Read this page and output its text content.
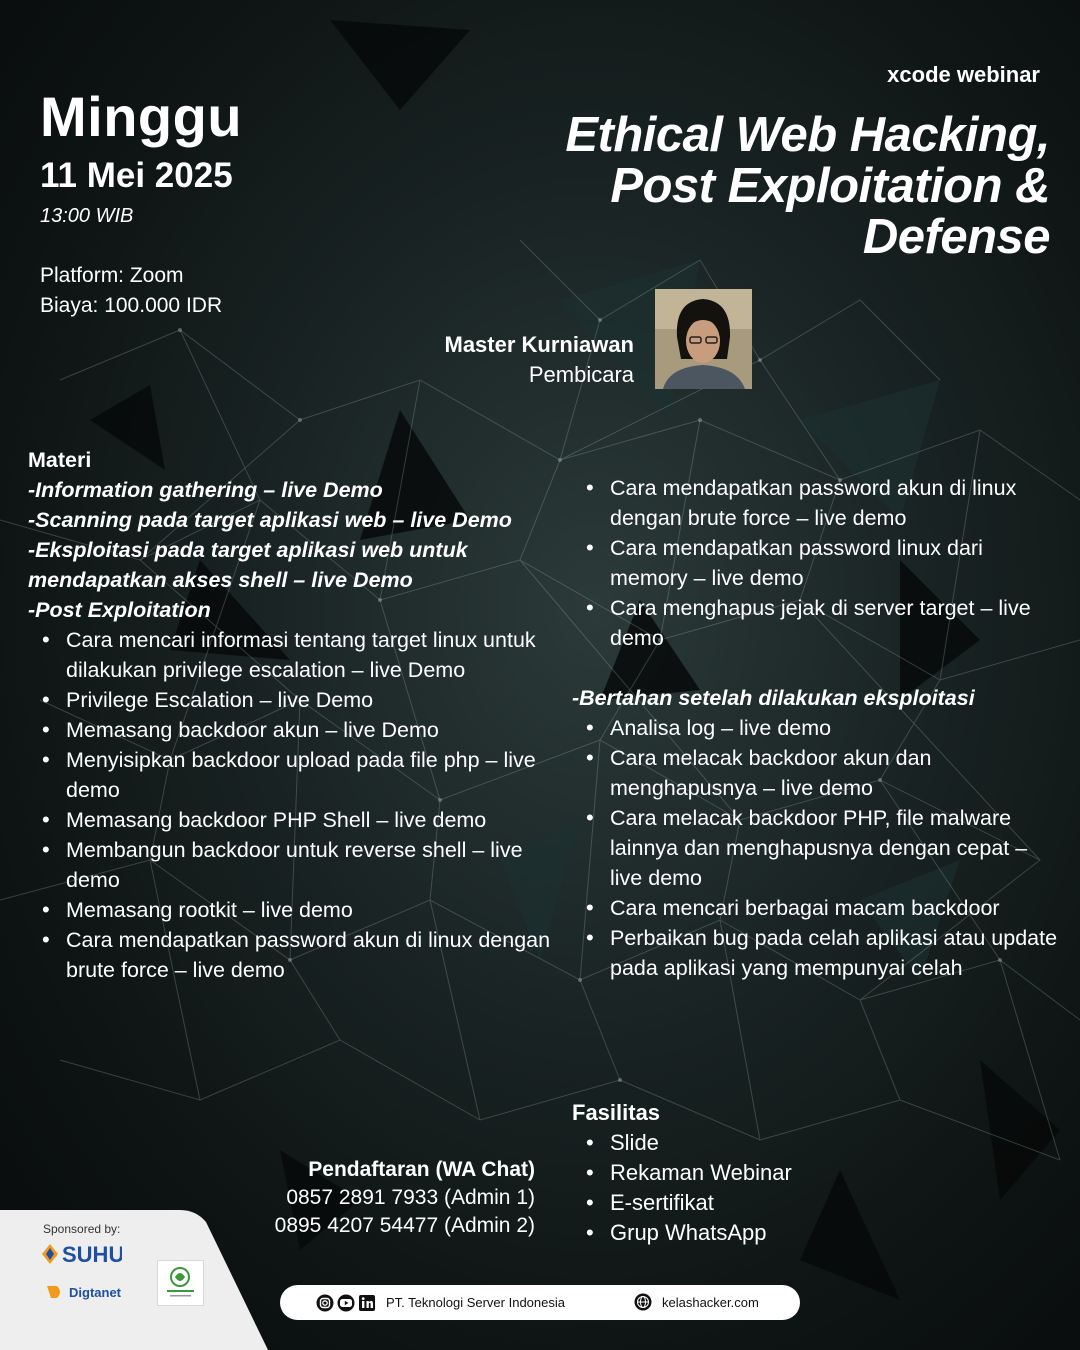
Minggu
11 Mei 2025
13:00 WIB
Platform: Zoom
Biaya: 100.000 IDR
xcode webinar
Ethical Web Hacking,
Post Exploitation &
Defense
Master Kurniawan
Pembicara
Materi
-Information gathering – live Demo
-Scanning pada target aplikasi web – live Demo
-Eksploitasi pada target aplikasi web untuk mendapatkan akses shell – live Demo
-Post Exploitation
• Cara mencari informasi tentang target linux untuk dilakukan privilege escalation – live Demo
• Privilege Escalation – live Demo
• Memasang backdoor akun – live Demo
• Menyisipkan backdoor upload pada file php – live demo
• Memasang backdoor PHP Shell – live demo
• Membangun backdoor untuk reverse shell – live demo
• Memasang rootkit – live demo
• Cara mendapatkan password akun di linux dengan brute force – live demo
• Cara mendapatkan password akun di linux dengan brute force – live demo
• Cara mendapatkan password linux dari memory – live demo
• Cara menghapus jejak di server target – live demo
-Bertahan setelah dilakukan eksploitasi
• Analisa log – live demo
• Cara melacak backdoor akun dan menghapusnya – live demo
• Cara melacak backdoor PHP, file malware lainnya dan menghapusnya dengan cepat – live demo
• Cara mencari berbagai macam backdoor
• Perbaikan bug pada celah aplikasi atau update pada aplikasi yang mempunyai celah
Pendaftaran (WA Chat)
0857 2891 7933 (Admin 1)
0895 4207 54477 (Admin 2)
Fasilitas
• Slide
• Rekaman Webinar
• E-sertifikat
• Grup WhatsApp
Sponsored by:
SUHU
Digtanet
PT. Teknologi Server Indonesia	kelashacker.com
